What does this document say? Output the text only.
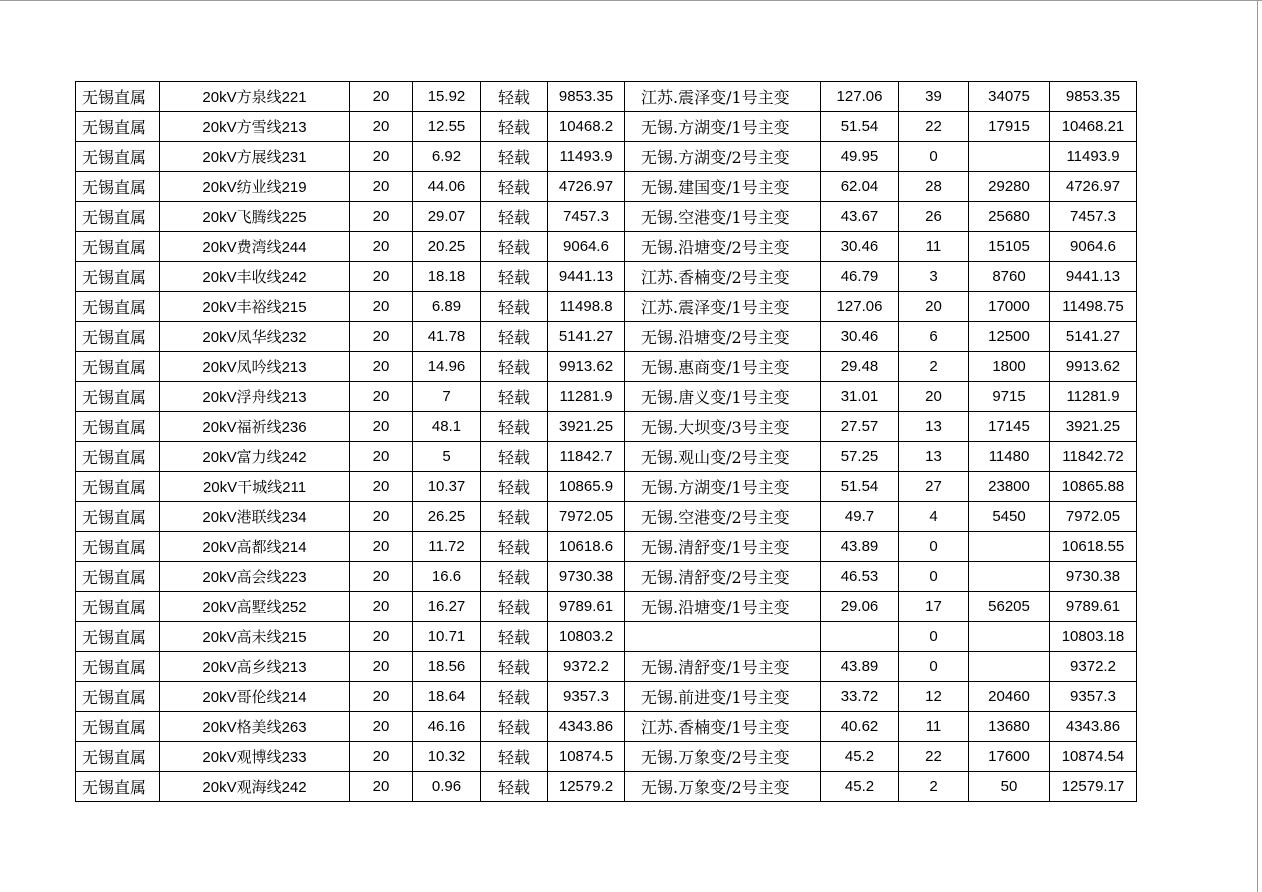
无锡直属	20kV方泉线221	20	15.92	轻载	9853.35	江苏.震泽变/1号主变	127.06	39	34075	9853.35
无锡直属	20kV方雪线213	20	12.55	轻载	10468.2	无锡.方湖变/1号主变	51.54	22	17915	10468.21
无锡直属	20kV方展线231	20	6.92	轻载	11493.9	无锡.方湖变/2号主变	49.95	0		11493.9
无锡直属	20kV纺业线219	20	44.06	轻载	4726.97	无锡.建国变/1号主变	62.04	28	29280	4726.97
无锡直属	20kV飞腾线225	20	29.07	轻载	7457.3	无锡.空港变/1号主变	43.67	26	25680	7457.3
无锡直属	20kV费湾线244	20	20.25	轻载	9064.6	无锡.沿塘变/2号主变	30.46	11	15105	9064.6
无锡直属	20kV丰收线242	20	18.18	轻载	9441.13	江苏.香楠变/2号主变	46.79	3	8760	9441.13
无锡直属	20kV丰裕线215	20	6.89	轻载	11498.8	江苏.震泽变/1号主变	127.06	20	17000	11498.75
无锡直属	20kV凤华线232	20	41.78	轻载	5141.27	无锡.沿塘变/2号主变	30.46	6	12500	5141.27
无锡直属	20kV凤吟线213	20	14.96	轻载	9913.62	无锡.惠商变/1号主变	29.48	2	1800	9913.62
无锡直属	20kV浮舟线213	20	7	轻载	11281.9	无锡.唐义变/1号主变	31.01	20	9715	11281.9
无锡直属	20kV福祈线236	20	48.1	轻载	3921.25	无锡.大坝变/3号主变	27.57	13	17145	3921.25
无锡直属	20kV富力线242	20	5	轻载	11842.7	无锡.观山变/2号主变	57.25	13	11480	11842.72
无锡直属	20kV干城线211	20	10.37	轻载	10865.9	无锡.方湖变/1号主变	51.54	27	23800	10865.88
无锡直属	20kV港联线234	20	26.25	轻载	7972.05	无锡.空港变/2号主变	49.7	4	5450	7972.05
无锡直属	20kV高都线214	20	11.72	轻载	10618.6	无锡.清舒变/1号主变	43.89	0		10618.55
无锡直属	20kV高会线223	20	16.6	轻载	9730.38	无锡.清舒变/2号主变	46.53	0		9730.38
无锡直属	20kV高墅线252	20	16.27	轻载	9789.61	无锡.沿塘变/1号主变	29.06	17	56205	9789.61
无锡直属	20kV高未线215	20	10.71	轻载	10803.2			0		10803.18
无锡直属	20kV高乡线213	20	18.56	轻载	9372.2	无锡.清舒变/1号主变	43.89	0		9372.2
无锡直属	20kV哥伦线214	20	18.64	轻载	9357.3	无锡.前进变/1号主变	33.72	12	20460	9357.3
无锡直属	20kV格美线263	20	46.16	轻载	4343.86	江苏.香楠变/1号主变	40.62	11	13680	4343.86
无锡直属	20kV观博线233	20	10.32	轻载	10874.5	无锡.万象变/2号主变	45.2	22	17600	10874.54
无锡直属	20kV观海线242	20	0.96	轻载	12579.2	无锡.万象变/2号主变	45.2	2	50	12579.17
